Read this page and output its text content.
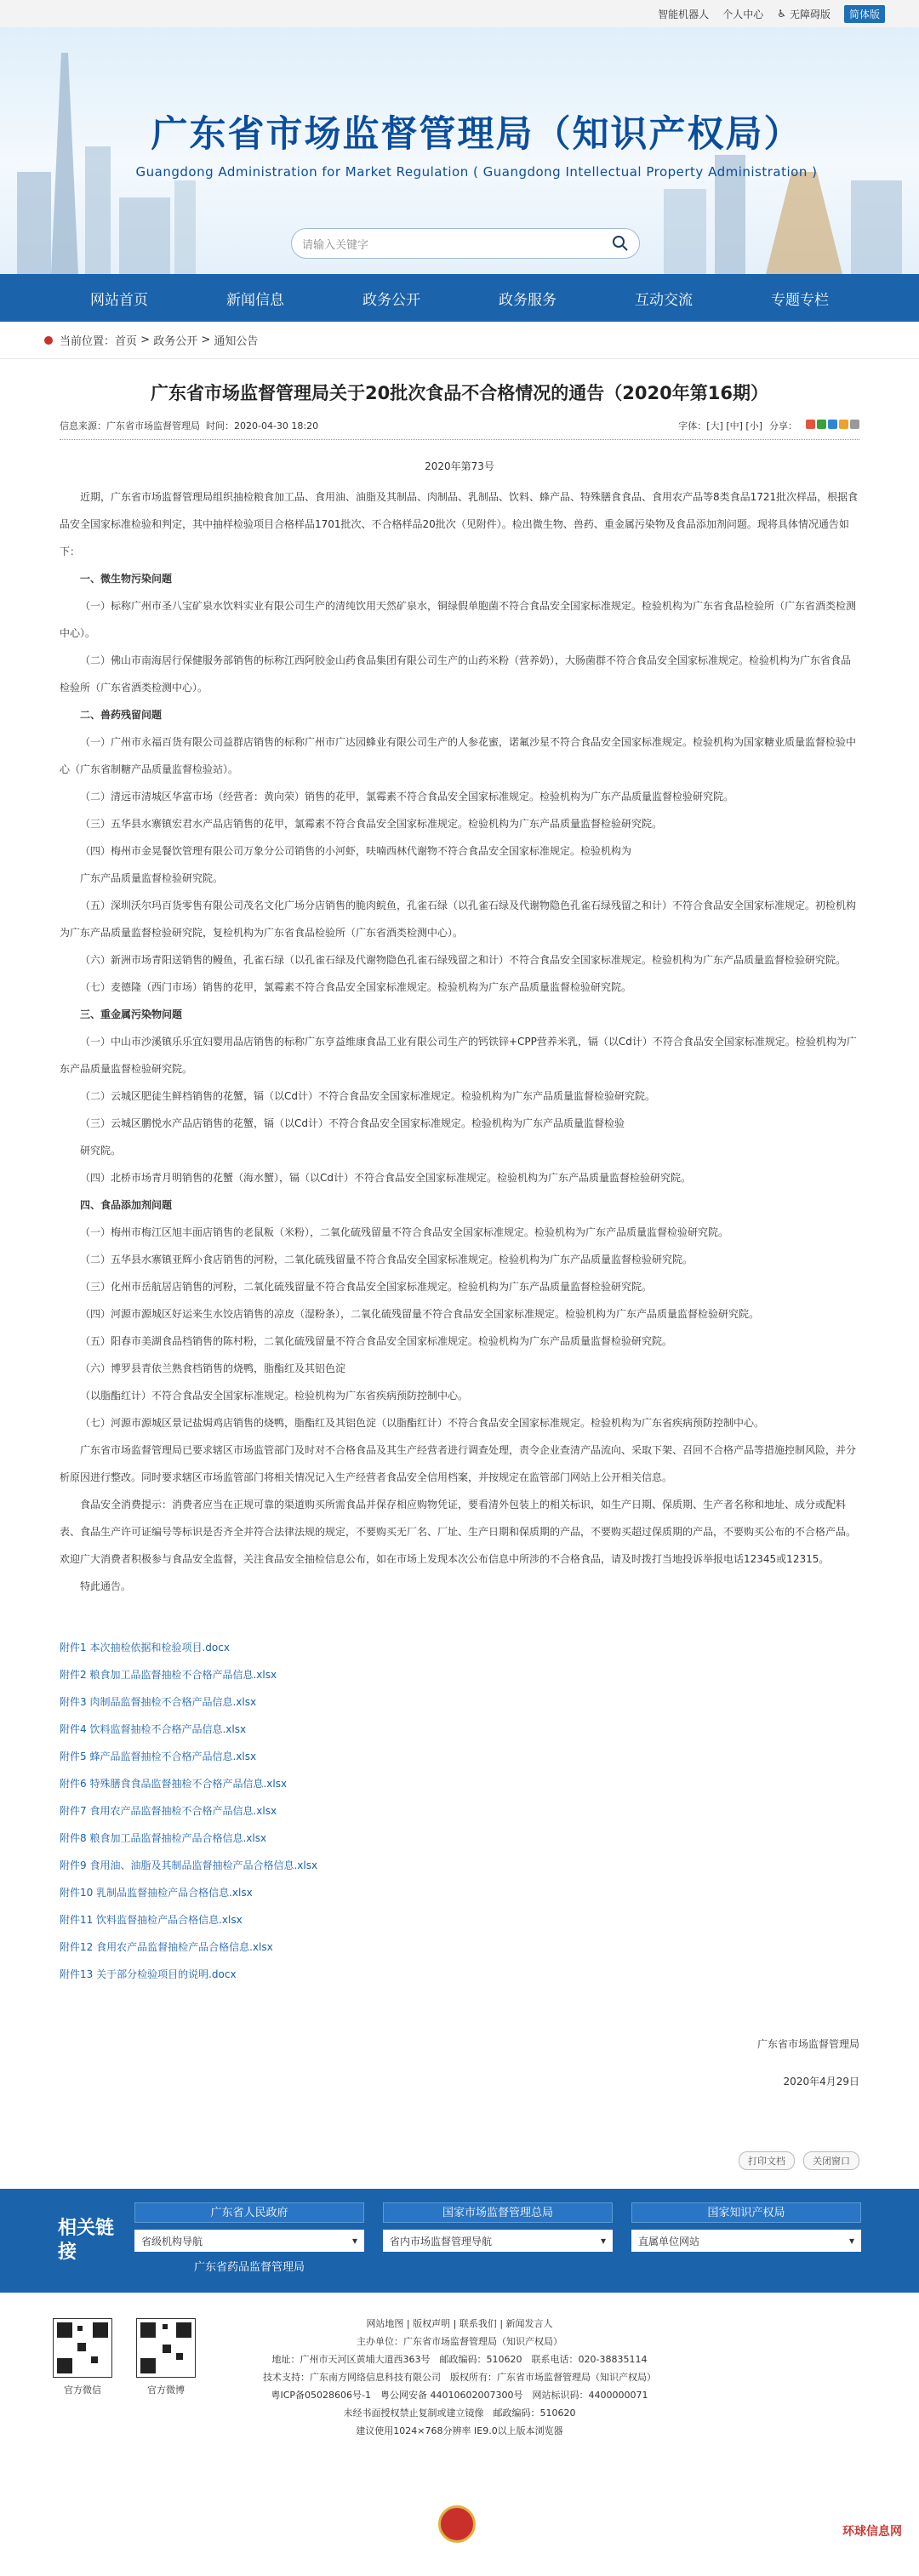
智能机器人 个人中心 ♿ 无障碍版	简体版
广东省市场监督管理局（知识产权局）
Guangdong Administration for Market Regulation ( Guangdong Intellectual Property Administration )
请输入关键字
网站首页	新闻信息	政务公开	政务服务	互动交流	专题专栏
当前位置： 首页 > 政务公开 > 通知公告
广东省市场监督管理局关于20批次食品不合格情况的通告（2020年第16期）
信息来源：广东省市场监督管理局 时间：2020-04-30 18:20	字体：[大] [中] [小] 分享：
2020年第73号

近期，广东省市场监督管理局组织抽检粮食加工品、食用油、油脂及其制品、肉制品、乳制品、饮料、蜂产品、特殊膳食食品、食用农产品等8类食品1721批次样品，根据食品安全国家标准检验和判定，其中抽样检验项目合格样品1701批次、不合格样品20批次（见附件）。检出微生物、兽药、重金属污染物及食品添加剂问题。现将具体情况通告如下：

一、微生物污染问题

（一）标称广州市圣八宝矿泉水饮料实业有限公司生产的清纯饮用天然矿泉水，铜绿假单胞菌不符合食品安全国家标准规定。检验机构为广东省食品检验所（广东省酒类检测中心）。

（二）佛山市南海居行保健服务部销售的标称江西阿胶金山药食品集团有限公司生产的山药米粉（营养奶），大肠菌群不符合食品安全国家标准规定。检验机构为广东省食品检验所（广东省酒类检测中心）。

二、兽药残留问题

（一）广州市永福百货有限公司益群店销售的标称广州市广达园蜂业有限公司生产的人参花蜜，诺氟沙星不符合食品安全国家标准规定。检验机构为国家糖业质量监督检验中心（广东省制糖产品质量监督检验站）。

（二）清远市清城区华富市场（经营者：黄向荣）销售的花甲，氯霉素不符合食品安全国家标准规定。检验机构为广东产品质量监督检验研究院。

（三）五华县水寨镇宏君水产品店销售的花甲，氯霉素不符合食品安全国家标准规定。检验机构为广东产品质量监督检验研究院。

（四）梅州市金晃餐饮管理有限公司万象分公司销售的小河虾，呋喃西林代谢物不符合食品安全国家标准规定。检验机构为

广东产品质量监督检验研究院。

（五）深圳沃尔玛百货零售有限公司茂名文化广场分店销售的脆肉鲩鱼，孔雀石绿（以孔雀石绿及代谢物隐色孔雀石绿残留之和计）不符合食品安全国家标准规定。初检机构为广东产品质量监督检验研究院，复检机构为广东省食品检验所（广东省酒类检测中心）。

（六）新洲市场青阳送销售的鳗鱼，孔雀石绿（以孔雀石绿及代谢物隐色孔雀石绿残留之和计）不符合食品安全国家标准规定。检验机构为广东产品质量监督检验研究院。

（七）麦德隆（西门市场）销售的花甲，氯霉素不符合食品安全国家标准规定。检验机构为广东产品质量监督检验研究院。

三、重金属污染物问题

（一）中山市沙溪镇乐乐宜妇婴用品店销售的标称广东亨益维康食品工业有限公司生产的钙铁锌+CPP营养米乳，镉（以Cd计）不符合食品安全国家标准规定。检验机构为广东产品质量监督检验研究院。

（二）云城区肥徒生鲜档销售的花蟹，镉（以Cd计）不符合食品安全国家标准规定。检验机构为广东产品质量监督检验研究院。

（三）云城区鹏悦水产品店销售的花蟹，镉（以Cd计）不符合食品安全国家标准规定。检验机构为广东产品质量监督检验

研究院。

（四）北桥市场青月明销售的花蟹（海水蟹），镉（以Cd计）不符合食品安全国家标准规定。检验机构为广东产品质量监督检验研究院。

四、食品添加剂问题

（一）梅州市梅江区旭丰面店销售的老鼠粄（米粉），二氧化硫残留量不符合食品安全国家标准规定。检验机构为广东产品质量监督检验研究院。

（二）五华县水寨镇亚辉小食店销售的河粉，二氧化硫残留量不符合食品安全国家标准规定。检验机构为广东产品质量监督检验研究院。

（三）化州市岳航居店销售的河粉，二氧化硫残留量不符合食品安全国家标准规定。检验机构为广东产品质量监督检验研究院。

（四）河源市源城区好运来生水饺店销售的凉皮（湿粉条），二氧化硫残留量不符合食品安全国家标准规定。检验机构为广东产品质量监督检验研究院。

（五）阳春市美湖食品档销售的陈村粉，二氧化硫残留量不符合食品安全国家标准规定。检验机构为广东产品质量监督检验研究院。

（六）博罗县青依兰熟食档销售的烧鸭，脂酯红及其铝色淀

（以脂酯红计）不符合食品安全国家标准规定。检验机构为广东省疾病预防控制中心。

（七）河源市源城区景记盐焗鸡店销售的烧鸭，脂酯红及其铝色淀（以脂酯红计）不符合食品安全国家标准规定。检验机构为广东省疾病预防控制中心。

广东省市场监督管理局已要求辖区市场监管部门及时对不合格食品及其生产经营者进行调查处理，责令企业查清产品流向、采取下架、召回不合格产品等措施控制风险，并分析原因进行整改。同时要求辖区市场监管部门将相关情况记入生产经营者食品安全信用档案，并按规定在监管部门网站上公开相关信息。

食品安全消费提示：消费者应当在正规可靠的渠道购买所需食品并保存相应购物凭证，要看清外包装上的相关标识，如生产日期、保质期、生产者名称和地址、成分或配料表、食品生产许可证编号等标识是否齐全并符合法律法规的规定，不要购买无厂名、厂址、生产日期和保质期的产品，不要购买超过保质期的产品，不要购买公布的不合格产品。欢迎广大消费者积极参与食品安全监督，关注食品安全抽检信息公布，如在市场上发现本次公布信息中所涉的不合格食品，请及时拨打当地投诉举报电话12345或12315。

特此通告。

附件1 本次抽检依据和检验项目.docx
附件2 粮食加工品监督抽检不合格产品信息.xlsx
附件3 肉制品监督抽检不合格产品信息.xlsx
附件4 饮料监督抽检不合格产品信息.xlsx
附件5 蜂产品监督抽检不合格产品信息.xlsx
附件6 特殊膳食食品监督抽检不合格产品信息.xlsx
附件7 食用农产品监督抽检不合格产品信息.xlsx
附件8 粮食加工品监督抽检产品合格信息.xlsx
附件9 食用油、油脂及其制品监督抽检产品合格信息.xlsx
附件10 乳制品监督抽检产品合格信息.xlsx
附件11 饮料监督抽检产品合格信息.xlsx
附件12 食用农产品监督抽检产品合格信息.xlsx
附件13 关于部分检验项目的说明.docx
广东省市场监督管理局
2020年4月29日
打印文档	关闭窗口
相关链接
广东省人民政府
省级机构导航	▾
广东省药品监督管理局
国家市场监督管理总局
省内市场监督管理导航	▾
国家知识产权局
直属单位网站	▾
官方微信	官方微博
网站地图 | 版权声明 | 联系我们 | 新闻发言人
主办单位：广东省市场监督管理局（知识产权局）
地址：广州市天河区黄埔大道西363号　邮政编码：510620　联系电话：020-38835114
技术支持：广东南方网络信息科技有限公司　版权所有：广东省市场监督管理局（知识产权局）
粤ICP备05028606号-1　粤公网安备 44010602007300号　网站标识码：4400000071
未经书面授权禁止复制或建立镜像　邮政编码：510620
建议使用1024×768分辨率 IE9.0以上版本浏览器
环球信息网
